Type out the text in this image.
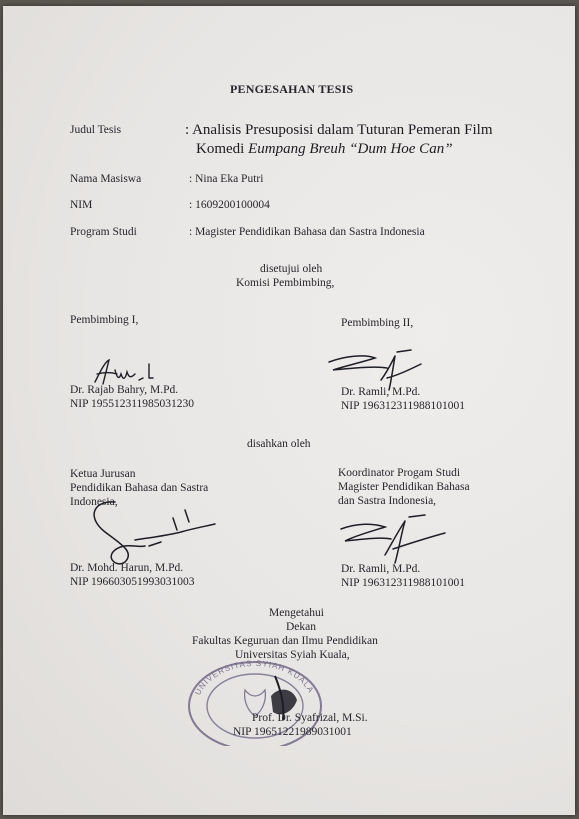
PENGESAHAN TESIS
Judul Tesis	: Analisis Presuposisi dalam Tuturan Pemeran Film
Komedi Eumpang Breuh “Dum Hoe Can”
Nama Masiswa	: Nina Eka Putri
NIM	: 1609200100004
Program Studi	: Magister Pendidikan Bahasa dan Sastra Indonesia
disetujui oleh
Komisi Pembimbing,
Pembimbing I,	Pembimbing II,
Dr. Rajab Bahry, M.Pd.
NIP 195512311985031230
Dr. Ramli, M.Pd.
NIP 196312311988101001
disahkan oleh
Ketua Jurusan
Pendidikan Bahasa dan Sastra
Indonesia,
Koordinator Progam Studi
Magister Pendidikan Bahasa
dan Sastra Indonesia,
Dr. Mohd. Harun, M.Pd.
NIP 196603051993031003
Dr. Ramli, M.Pd.
NIP 196312311988101001
Mengetahui
Dekan
Fakultas Keguruan dan Ilmu Pendidikan
Universitas Syiah Kuala,
UNIVERSITAS SYIAH KUALA
Prof. Dr. Syafrizal, M.Si.
NIP 19651221989031001
